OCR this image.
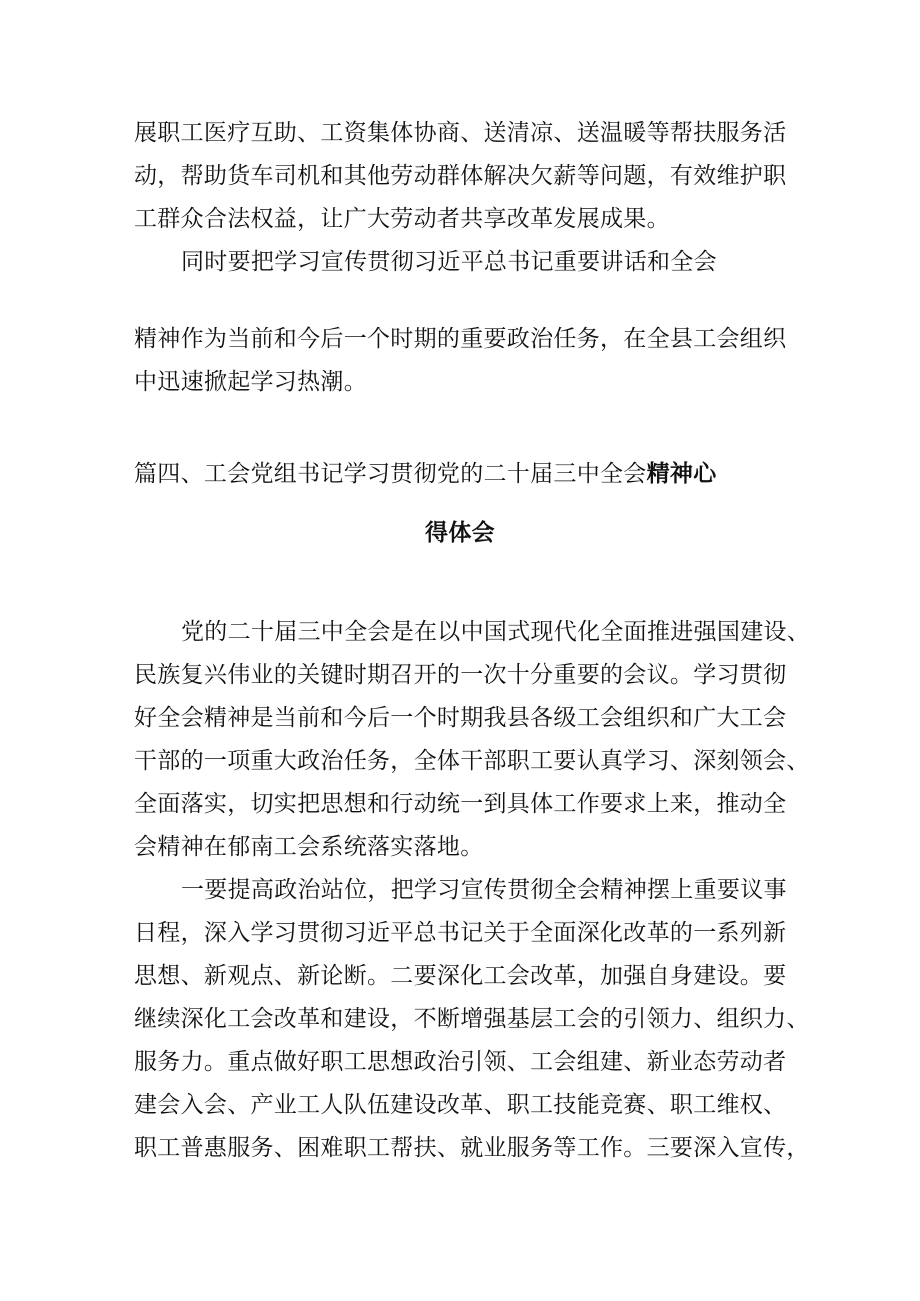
展职工医疗互助、工资集体协商、送清凉、送温暖等帮扶服务活
动，帮助货车司机和其他劳动群体解决欠薪等问题，有效维护职
工群众合法权益，让广大劳动者共享改革发展成果。
同时要把学习宣传贯彻习近平总书记重要讲话和全会
精神作为当前和今后一个时期的重要政治任务，在全县工会组织
中迅速掀起学习热潮。
篇四、工会党组书记学习贯彻党的二十届三中全会精神心
得体会
党的二十届三中全会是在以中国式现代化全面推进强国建设、
民族复兴伟业的关键时期召开的一次十分重要的会议。学习贯彻
好全会精神是当前和今后一个时期我县各级工会组织和广大工会
干部的一项重大政治任务，全体干部职工要认真学习、深刻领会、
全面落实，切实把思想和行动统一到具体工作要求上来，推动全
会精神在郁南工会系统落实落地。
一要提高政治站位，把学习宣传贯彻全会精神摆上重要议事
日程，深入学习贯彻习近平总书记关于全面深化改革的一系列新
思想、新观点、新论断。二要深化工会改革，加强自身建设。要
继续深化工会改革和建设，不断增强基层工会的引领力、组织力、
服务力。重点做好职工思想政治引领、工会组建、新业态劳动者
建会入会、产业工人队伍建设改革、职工技能竞赛、职工维权、
职工普惠服务、困难职工帮扶、就业服务等工作。三要深入宣传，
